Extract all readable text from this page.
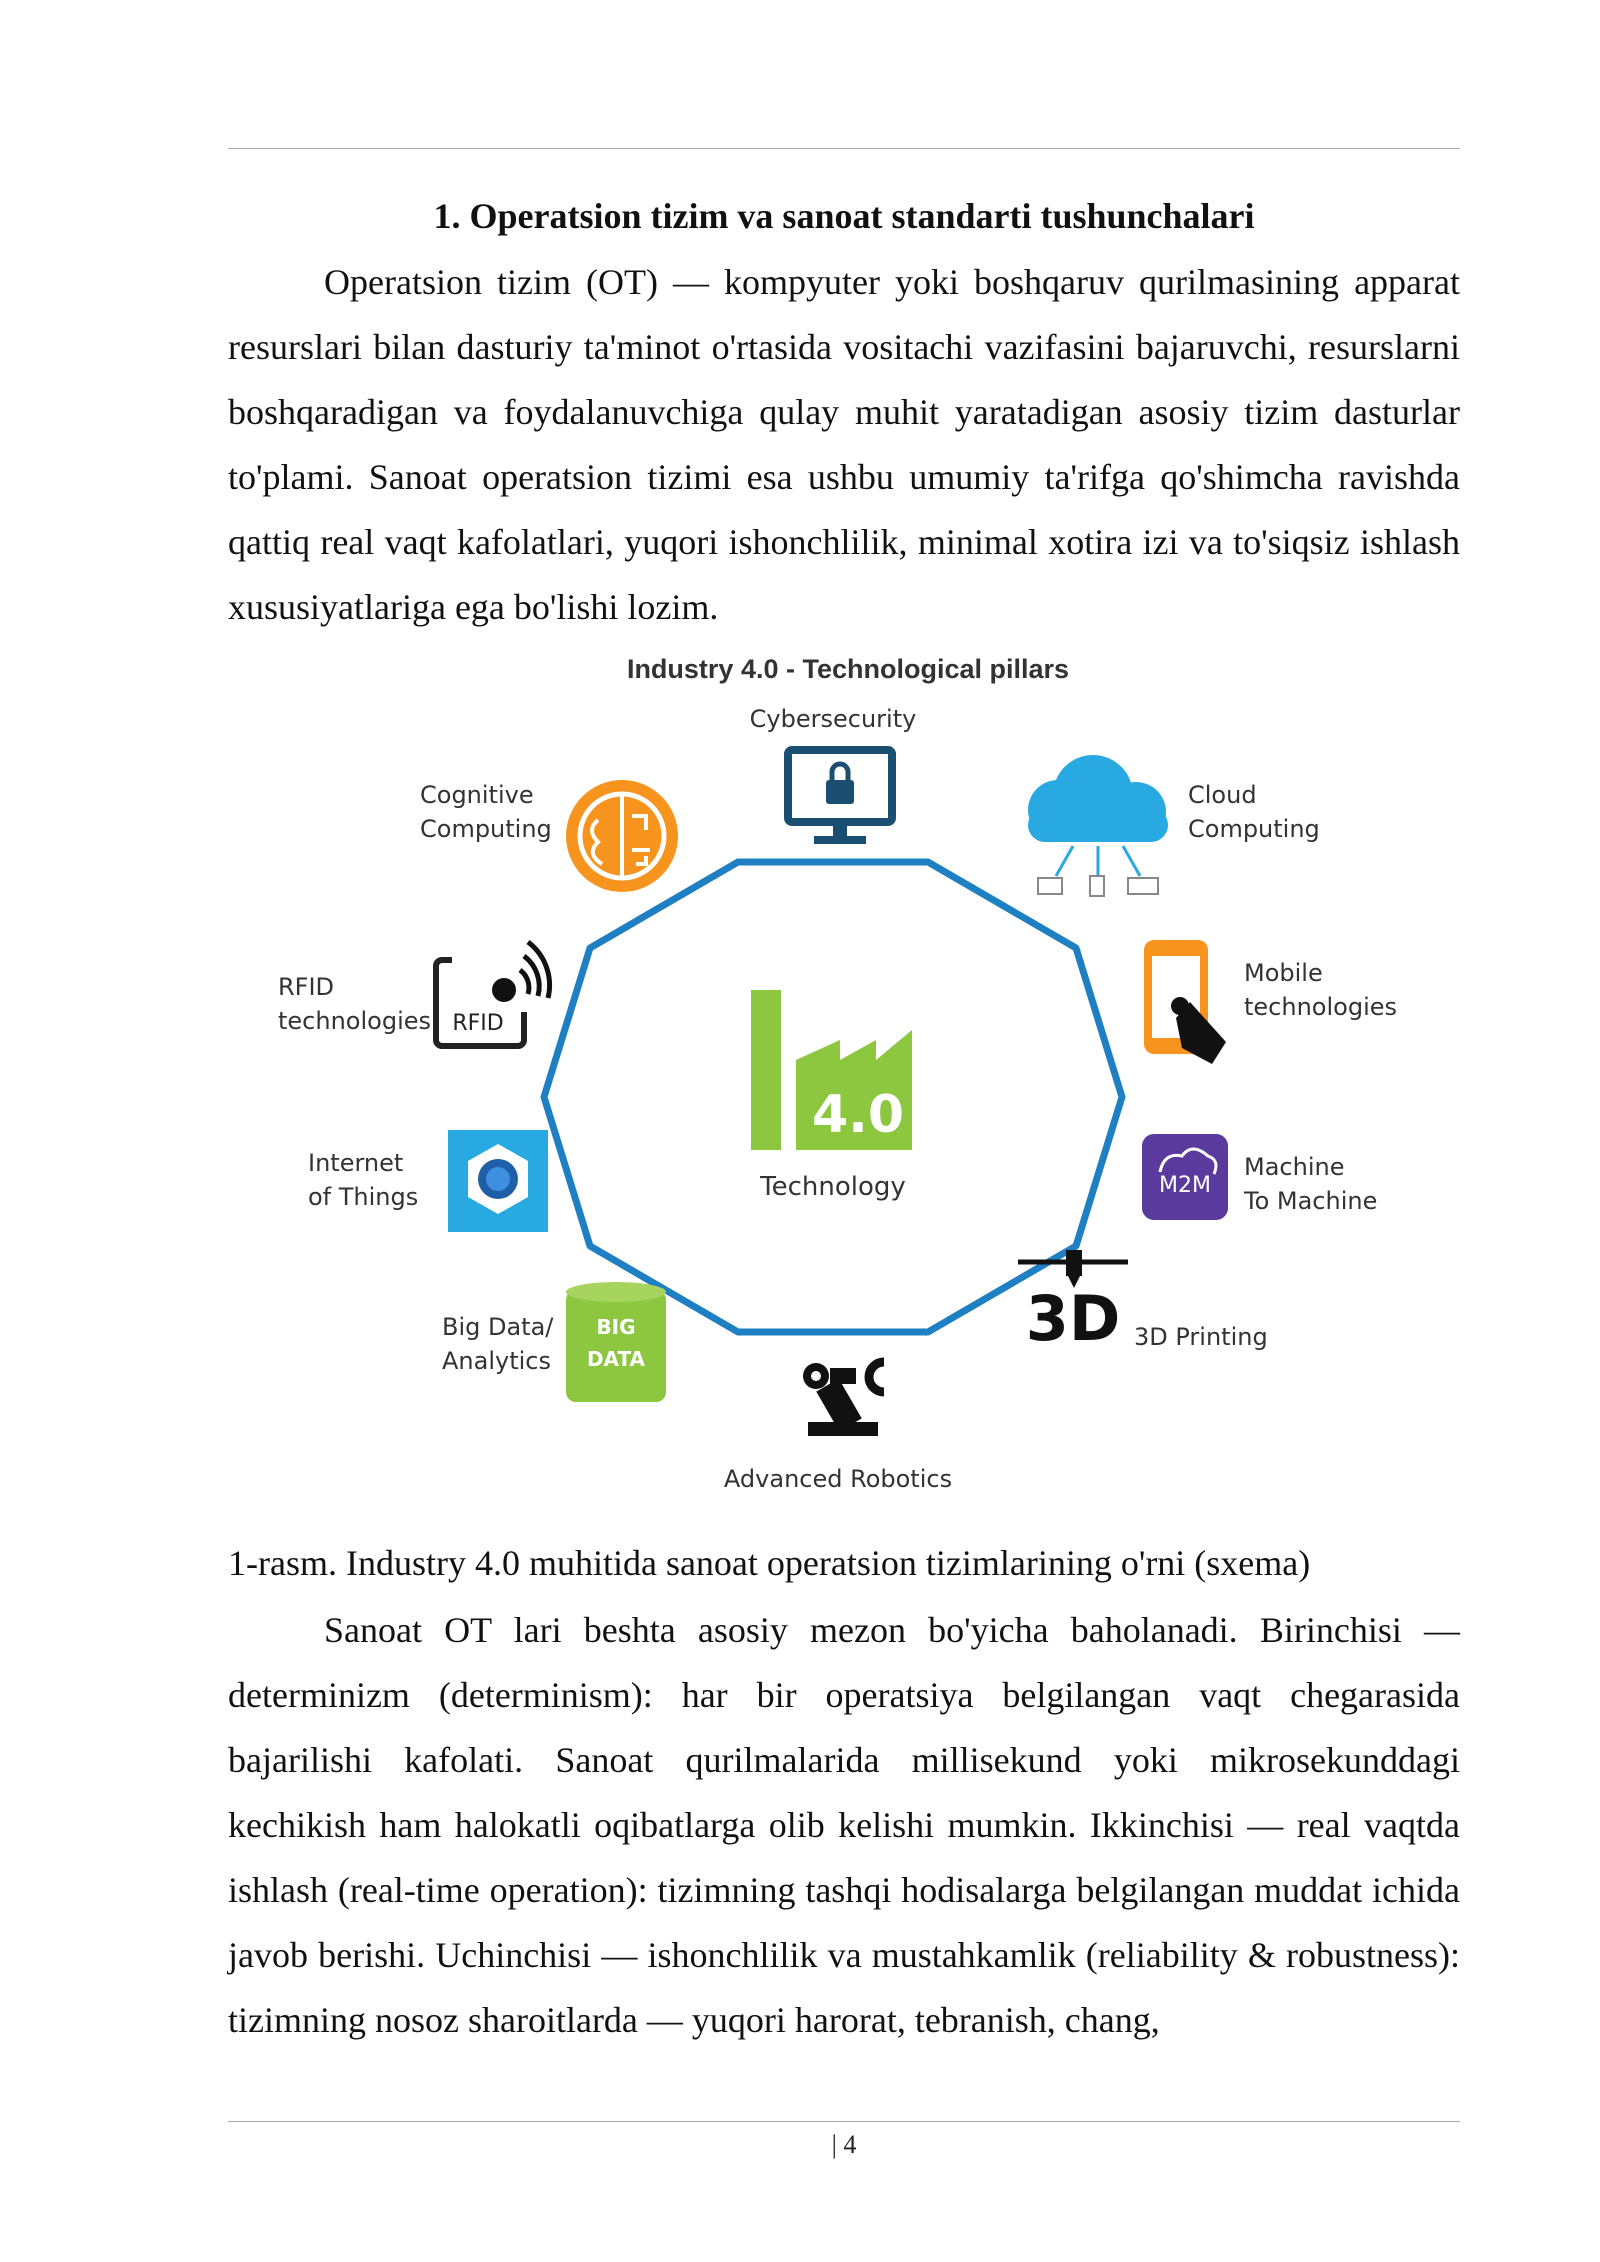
1. Operatsion tizim va sanoat standarti tushunchalari

Operatsion tizim (OT) — kompyuter yoki boshqaruv qurilmasining apparat resurslari bilan dasturiy ta'minot o'rtasida vositachi vazifasini bajaruvchi, resurslarni boshqaradigan va foydalanuvchiga qulay muhit yaratadigan asosiy tizim dasturlar to'plami. Sanoat operatsion tizimi esa ushbu umumiy ta'rifga qo'shimcha ravishda qattiq real vaqt kafolatlari, yuqori ishonchlilik, minimal xotira izi va to'siqsiz ishlash xususiyatlariga ega bo'lishi lozim.

Industry 4.0 - Technological pillars
4.0
M2M
3D
BIG
DATA
RFID
Technology
Cybersecurity
Cloud
Computing
Mobile
technologies
Machine
To Machine
3D Printing
Advanced Robotics
Big Data/
Analytics
Internet
of Things
RFID
technologies
Cognitive
Computing
1-rasm. Industry 4.0 muhitida sanoat operatsion tizimlarining o'rni (sxema)

Sanoat OT lari beshta asosiy mezon bo'yicha baholanadi. Birinchisi — determinizm (determinism): har bir operatsiya belgilangan vaqt chegarasida bajarilishi kafolati. Sanoat qurilmalarida millisekund yoki mikrosekunddagi kechikish ham halokatli oqibatlarga olib kelishi mumkin. Ikkinchisi — real vaqtda ishlash (real-time operation): tizimning tashqi hodisalarga belgilangan muddat ichida javob berishi. Uchinchisi — ishonchlilik va mustahkamlik (reliability & robustness): tizimning nosoz sharoitlarda — yuqori harorat, tebranish, chang,

| 4
